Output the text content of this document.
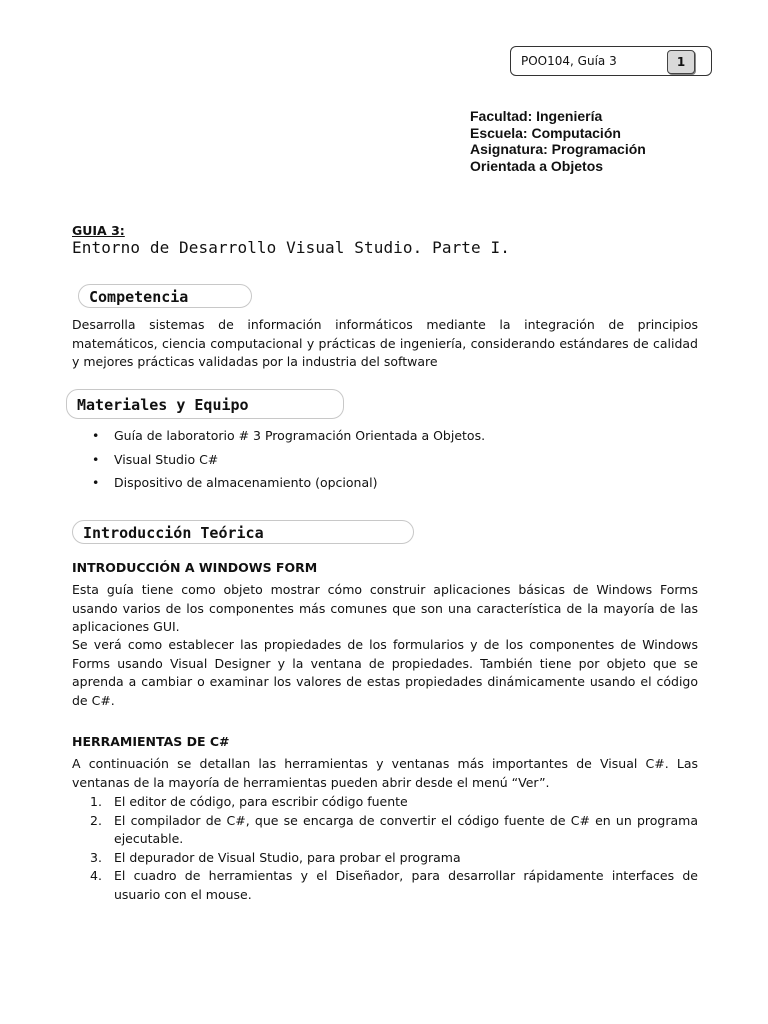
POO104, Guía 3	1
Facultad: Ingeniería
Escuela: Computación
Asignatura: Programación
Orientada a Objetos
GUIA 3:
Entorno de Desarrollo Visual Studio. Parte I.
Competencia
Desarrolla sistemas de información informáticos mediante la integración de principios matemáticos, ciencia computacional y prácticas de ingeniería, considerando estándares de calidad y mejores prácticas validadas por la industria del software
Materiales y Equipo
• Guía de laboratorio # 3 Programación Orientada a Objetos.
• Visual Studio C#
• Dispositivo de almacenamiento (opcional)
Introducción Teórica
INTRODUCCIÓN A WINDOWS FORM
Esta guía tiene como objeto mostrar cómo construir aplicaciones básicas de Windows Forms usando varios de los componentes más comunes que son una característica de la mayoría de las aplicaciones GUI.
Se verá como establecer las propiedades de los formularios y de los componentes de Windows Forms usando Visual Designer y la ventana de propiedades. También tiene por objeto que se aprenda a cambiar o examinar los valores de estas propiedades dinámicamente usando el código de C#.
HERRAMIENTAS DE C#
A continuación se detallan las herramientas y ventanas más importantes de Visual C#. Las ventanas de la mayoría de herramientas pueden abrir desde el menú “Ver”.
1. El editor de código, para escribir código fuente
2. El compilador de C#, que se encarga de convertir el código fuente de C# en un programa ejecutable.
3. El depurador de Visual Studio, para probar el programa
4. El cuadro de herramientas y el Diseñador, para desarrollar rápidamente interfaces de usuario con el mouse.
